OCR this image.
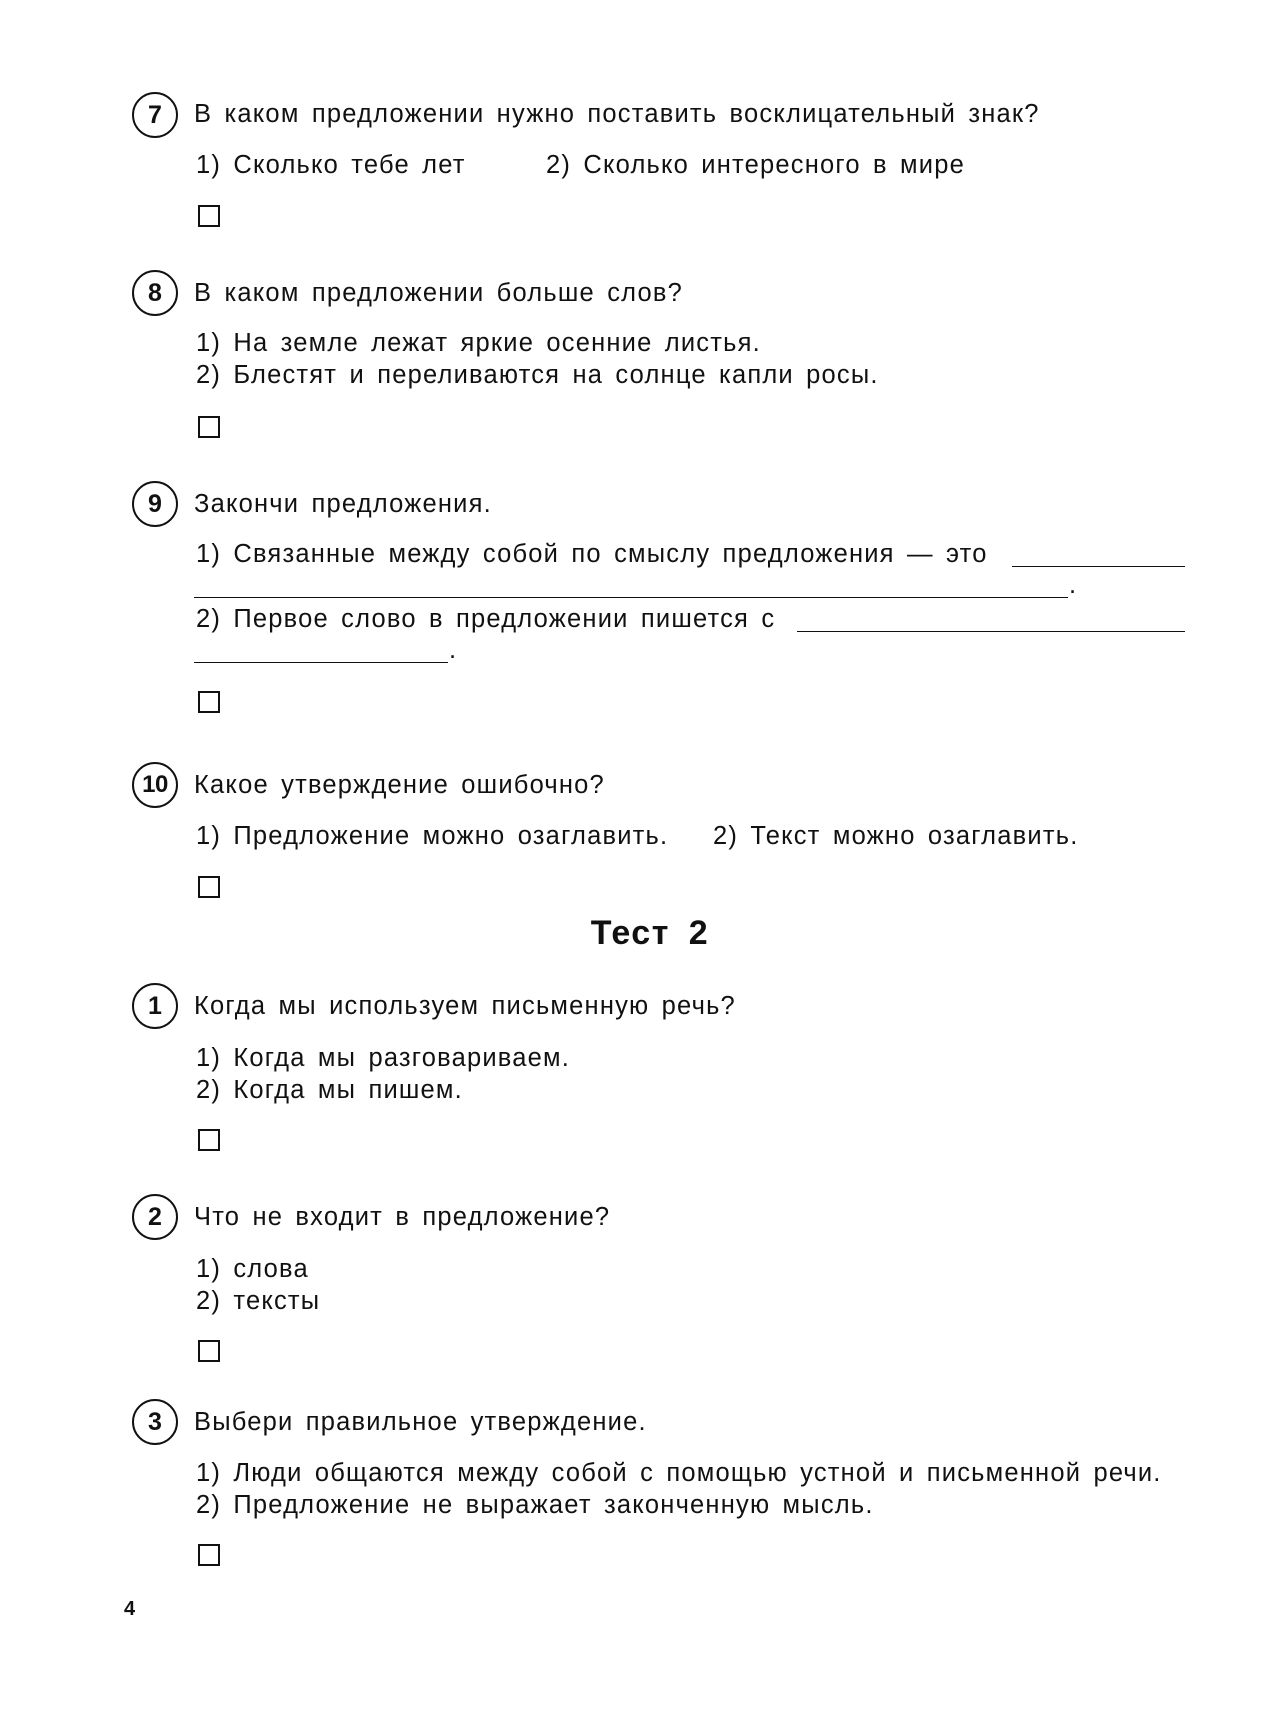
7 В каком предложении нужно поставить восклицательный знак?
1) Сколько тебе лет	2) Сколько интересного в мире
8 В каком предложении больше слов?
1) На земле лежат яркие осенние листья.
2) Блестят и переливаются на солнце капли росы.
9 Закончи предложения.
1) Связанные между собой по смыслу предложения — это
.
2) Первое слово в предложении пишется с
.
10 Какое утверждение ошибочно?
1) Предложение можно озаглавить. 2) Текст можно озаглавить.
Тест 2
1 Когда мы используем письменную речь?
1) Когда мы разговариваем.
2) Когда мы пишем.
2 Что не входит в предложение?
1) слова
2) тексты
3 Выбери правильное утверждение.
1) Люди общаются между собой с помощью устной и письменной речи.
2) Предложение не выражает законченную мысль.
4
